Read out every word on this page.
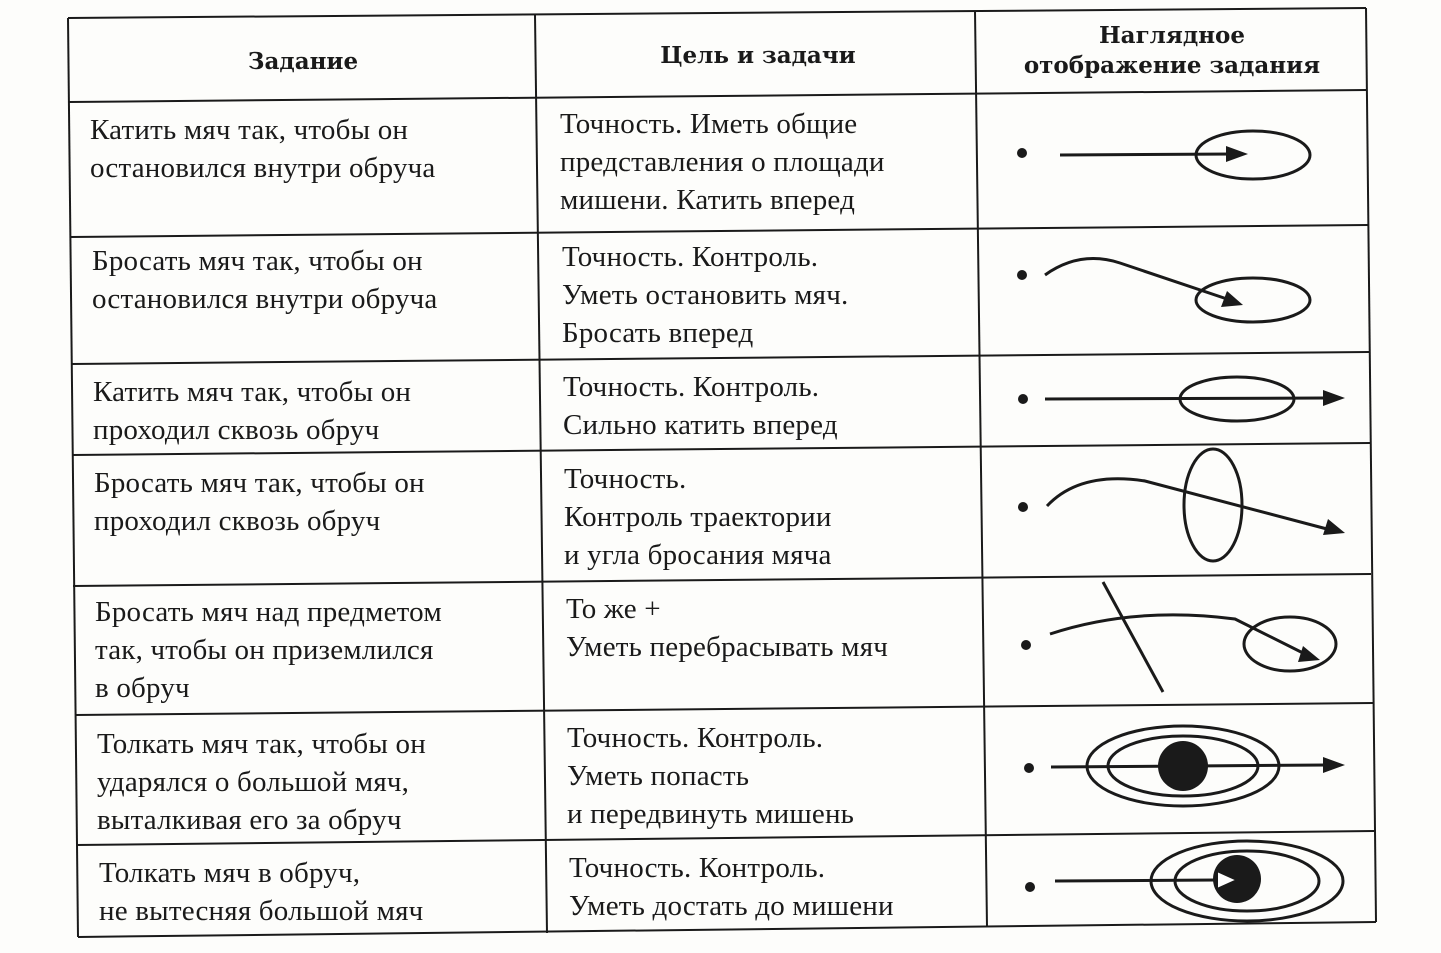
Задание	Цель и задачи
Наглядное
отображение задания
Катить мяч так, чтобы он
остановился внутри обруча
Точность. Иметь общие
представления о площади
мишени. Катить вперед
Бросать мяч так, чтобы он
остановился внутри обруча
Точность. Контроль.
Уметь остановить мяч.
Бросать вперед
Катить мяч так, чтобы он
проходил сквозь обруч
Точность. Контроль.
Сильно катить вперед
Бросать мяч так, чтобы он
проходил сквозь обруч
Точность.
Контроль траектории
и угла бросания мяча
Бросать мяч над предметом
так, чтобы он приземлился
в обруч
То же +
Уметь перебрасывать мяч
Толкать мяч так, чтобы он
ударялся о большой мяч,
выталкивая его за обруч
Точность. Контроль.
Уметь попасть
и передвинуть мишень
Толкать мяч в обруч,
не вытесняя большой мяч
Точность. Контроль.
Уметь достать до мишени
